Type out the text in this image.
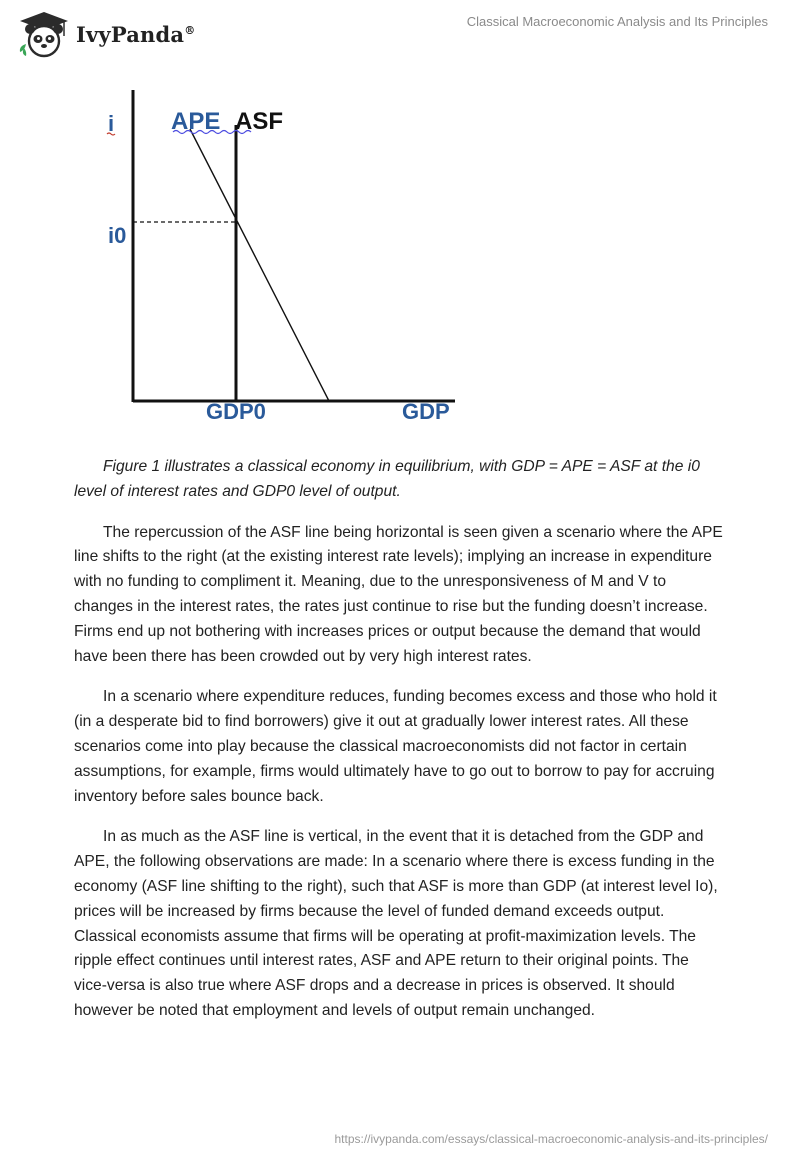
IvyPanda®
Classical Macroeconomic Analysis and Its Principles
i
i0
APE ASF
GDP0	GDP

Figure 1 illustrates a classical economy in equilibrium, with GDP = APE = ASF at the i0 level of interest rates and GDP0 level of output.

The repercussion of the ASF line being horizontal is seen given a scenario where the APE line shifts to the right (at the existing interest rate levels); implying an increase in expenditure with no funding to compliment it. Meaning, due to the unresponsiveness of M and V to changes in the interest rates, the rates just continue to rise but the funding doesn’t increase. Firms end up not bothering with increases prices or output because the demand that would have been there has been crowded out by very high interest rates.

In a scenario where expenditure reduces, funding becomes excess and those who hold it (in a desperate bid to find borrowers) give it out at gradually lower interest rates. All these scenarios come into play because the classical macroeconomists did not factor in certain assumptions, for example, firms would ultimately have to go out to borrow to pay for accruing inventory before sales bounce back.

In as much as the ASF line is vertical, in the event that it is detached from the GDP and APE, the following observations are made: In a scenario where there is excess funding in the economy (ASF line shifting to the right), such that ASF is more than GDP (at interest level Io), prices will be increased by firms because the level of funded demand exceeds output. Classical economists assume that firms will be operating at profit-maximization levels. The ripple effect continues until interest rates, ASF and APE return to their original points. The vice-versa is also true where ASF drops and a decrease in prices is observed. It should however be noted that employment and levels of output remain unchanged.

https://ivypanda.com/essays/classical-macroeconomic-analysis-and-its-principles/
